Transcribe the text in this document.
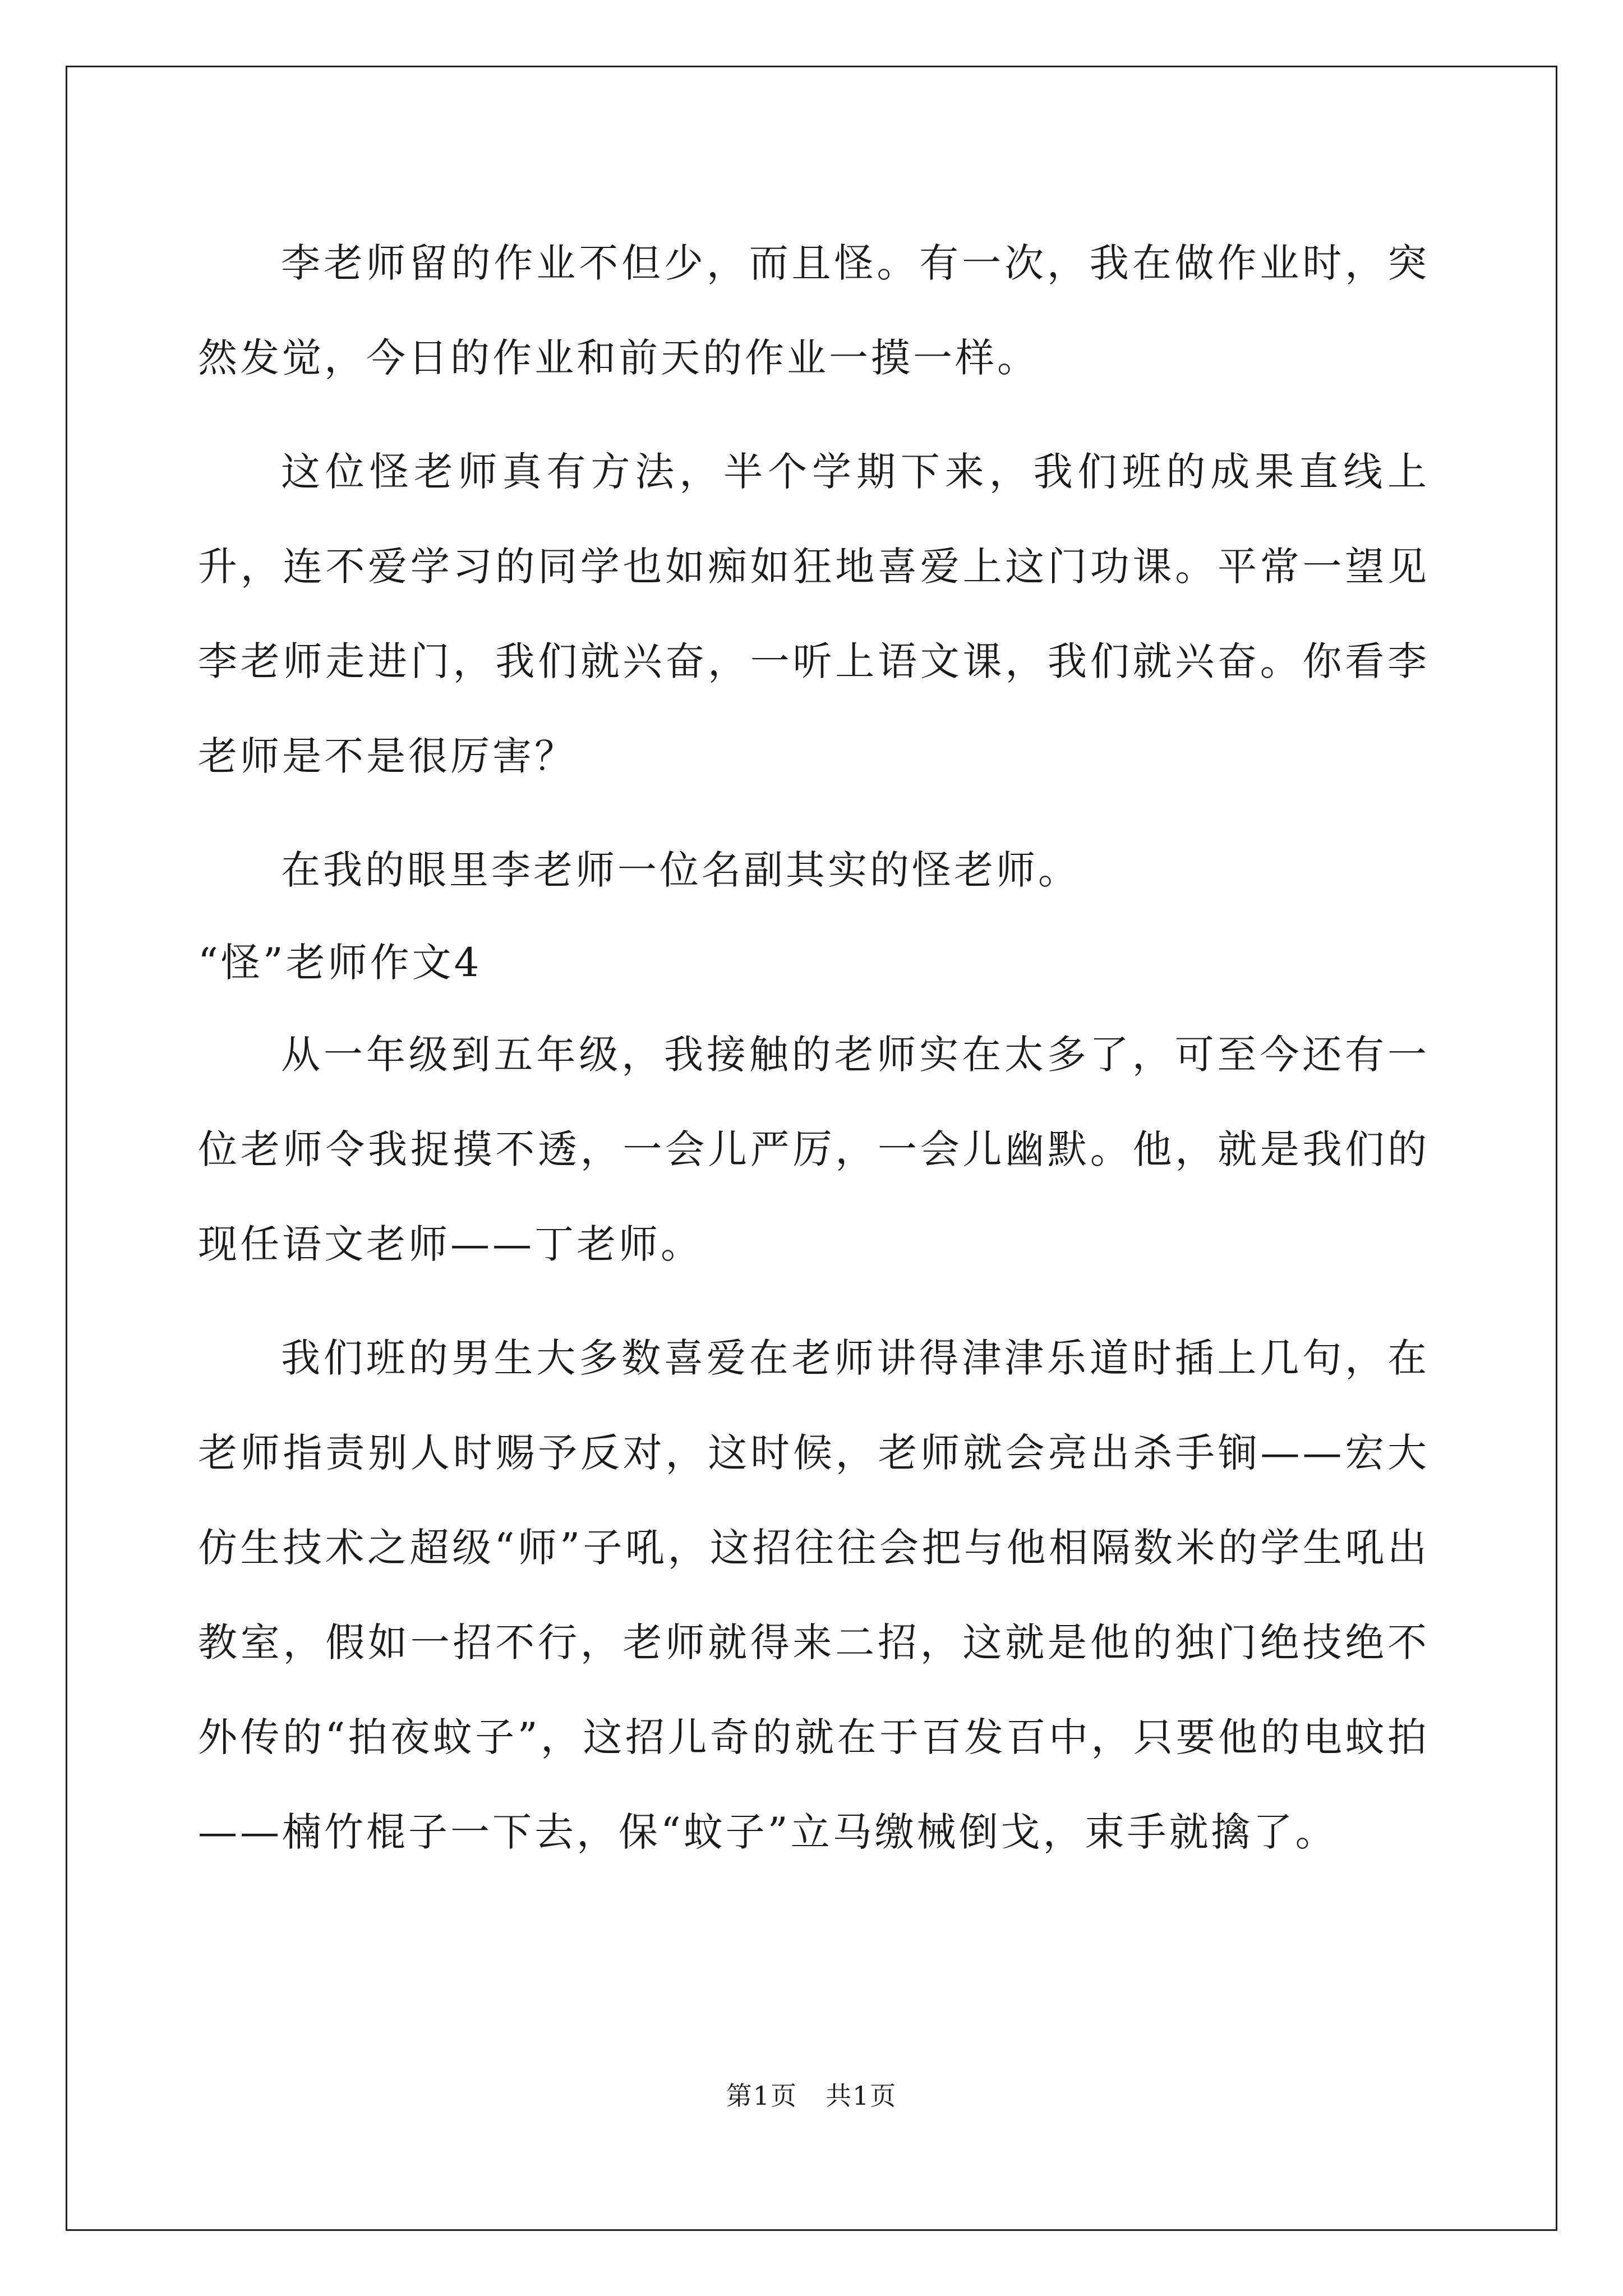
李老师留的作业不但少，而且怪。有一次，我在做作业时，突然发觉，今日的作业和前天的作业一摸一样。

这位怪老师真有方法，半个学期下来，我们班的成果直线上升，连不爱学习的同学也如痴如狂地喜爱上这门功课。平常一望见李老师走进门，我们就兴奋，一听上语文课，我们就兴奋。你看李老师是不是很厉害？

在我的眼里李老师一位名副其实的怪老师。

“怪”老师作文4

从一年级到五年级，我接触的老师实在太多了，可至今还有一位老师令我捉摸不透，一会儿严厉，一会儿幽默。他，就是我们的现任语文老师——丁老师。

我们班的男生大多数喜爱在老师讲得津津乐道时插上几句，在老师指责别人时赐予反对，这时候，老师就会亮出杀手锏——宏大仿生技术之超级“师”子吼，这招往往会把与他相隔数米的学生吼出教室，假如一招不行，老师就得来二招，这就是他的独门绝技绝不外传的“拍夜蚊子”，这招儿奇的就在于百发百中，只要他的电蚊拍——楠竹棍子一下去，保“蚊子”立马缴械倒戈，束手就擒了。

第1页 共1页
